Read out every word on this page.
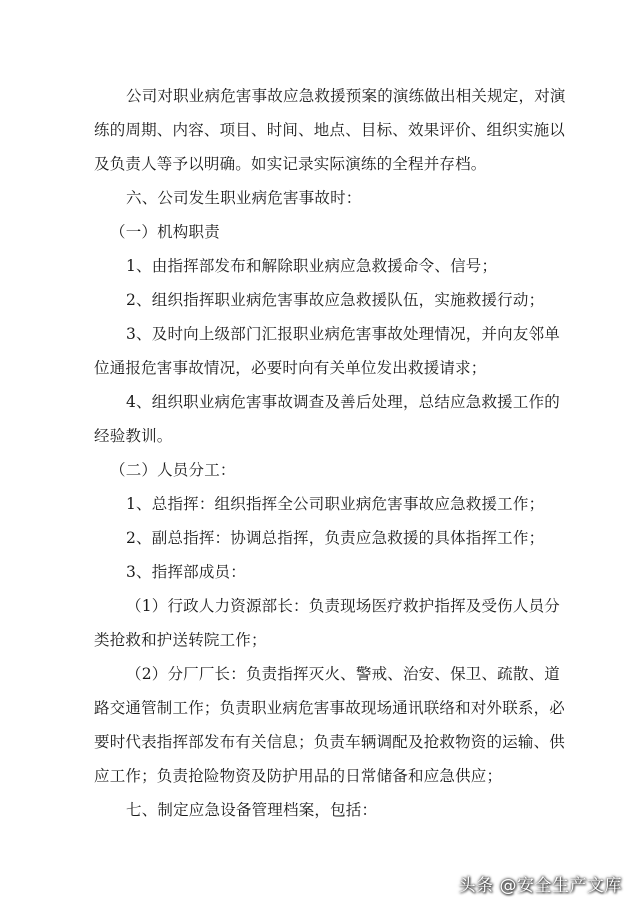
公司对职业病危害事故应急救援预案的演练做出相关规定，对演
练的周期、内容、项目、时间、地点、目标、效果评价、组织实施以
及负责人等予以明确。如实记录实际演练的全程并存档。

六、公司发生职业病危害事故时：

（一）机构职责

1、由指挥部发布和解除职业病应急救援命令、信号；

2、组织指挥职业病危害事故应急救援队伍，实施救援行动；

3、及时向上级部门汇报职业病危害事故处理情况，并向友邻单
位通报危害事故情况，必要时向有关单位发出救援请求；

4、组织职业病危害事故调查及善后处理，总结应急救援工作的
经验教训。

（二）人员分工：

1、总指挥：组织指挥全公司职业病危害事故应急救援工作；

2、副总指挥：协调总指挥，负责应急救援的具体指挥工作；

3、指挥部成员：

（1）行政人力资源部长：负责现场医疗救护指挥及受伤人员分
类抢救和护送转院工作；

（2）分厂厂长：负责指挥灭火、警戒、治安、保卫、疏散、道
路交通管制工作；负责职业病危害事故现场通讯联络和对外联系，必
要时代表指挥部发布有关信息；负责车辆调配及抢救物资的运输、供
应工作；负责抢险物资及防护用品的日常储备和应急供应；

七、制定应急设备管理档案，包括：

头条 @安全生产文库
